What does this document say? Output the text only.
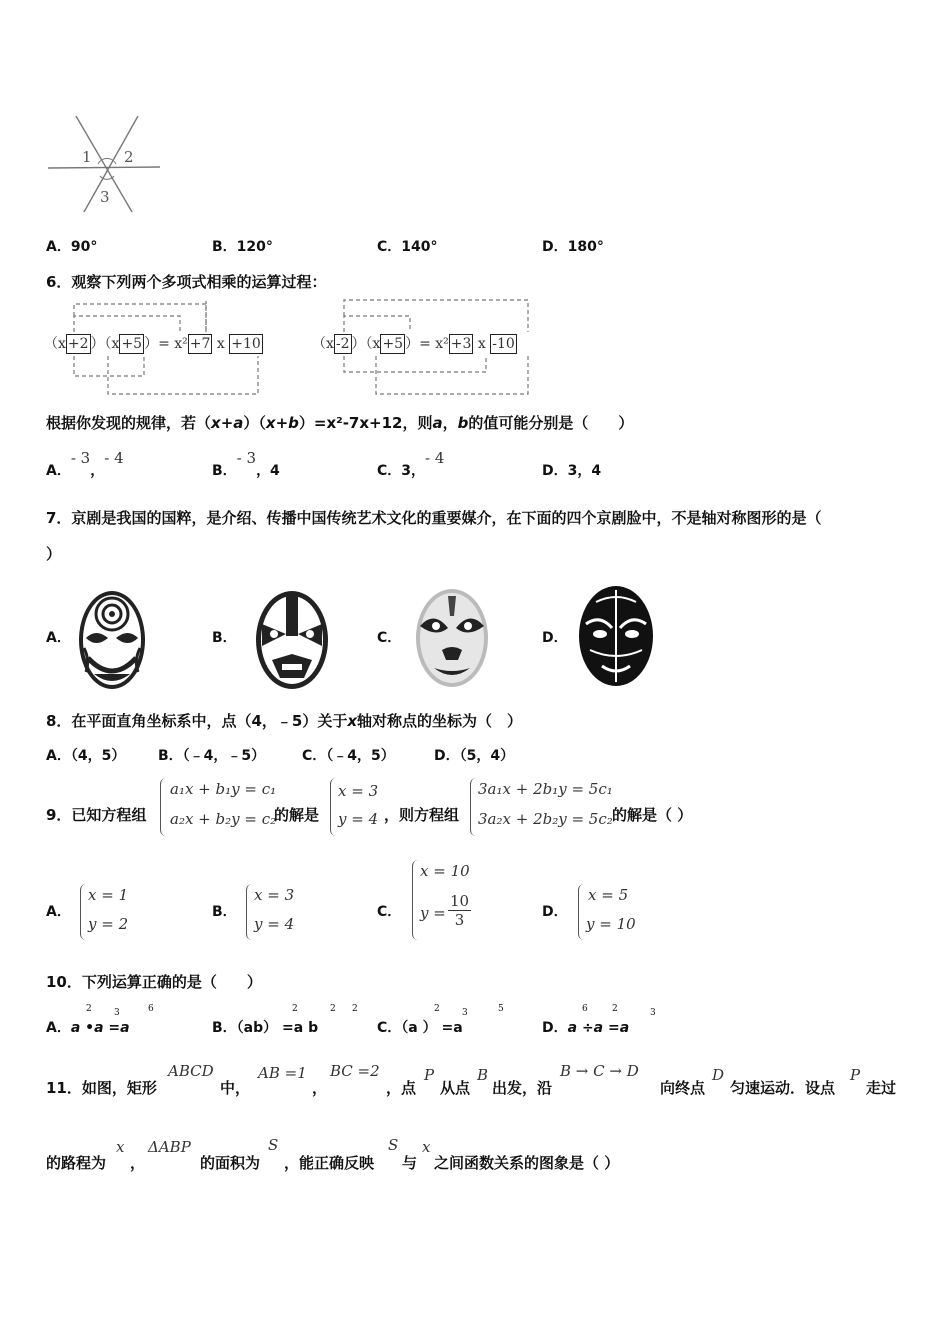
1 2
3
A．90°	B．120°	C．140°	D．180°
6．观察下列两个多项式相乘的运算过程：
（x +2 ）（x +5 ）= x² +7 x +10	（x -2 ）（x +5 ）= x² +3 x -10
根据你发现的规律，若（x+a）（x+b）=x²-7x+12，则a，b的值可能分别是（　　）
A．- 3，- 4
B．- 3，4	C．3，- 4
D．3，4
7．京剧是我国的国粹，是介绍、传播中国传统艺术文化的重要媒介，在下面的四个京剧脸中，不是轴对称图形的是（
）
A．	B．	C．	D．
8．在平面直角坐标系中，点（4，﹣5）关于x轴对称点的坐标为（　）
A．（4，5） B．（﹣4，﹣5）	C．（﹣4，5）	D．（5，4）
9．已知方程组
a₁x + b₁y = c₁
a₂x + b₂y = c₂
的解是
x = 3
y = 4 ，则方程组
3a₁x + 2b₁y = 5c₁
3a₂x + 2b₂y = 5c₂ 的解是（ ）
A．
x = 1
y = 2
B．
x = 3
y = 4
C．
x = 10
$y = \frac{10}{3}$	D．
x = 5
y = 10
10．下列运算正确的是（　　）
A．a •a =a
2 3	6
B．（ab） =a b
2	2 2
C．（a ） =a
2 3	5
D．a ÷a =a
6	2	3
11．如图，矩形
ABCD
中，
AB =1
，
BC =2
，点
P
从点
B
出发，沿
B → C → D
向终点
D
匀速运动．设点
P
走过
的路程为
x
，
ΔABP
的面积为
S
，能正确反映
S
与
x
之间函数关系的图象是（ ）
